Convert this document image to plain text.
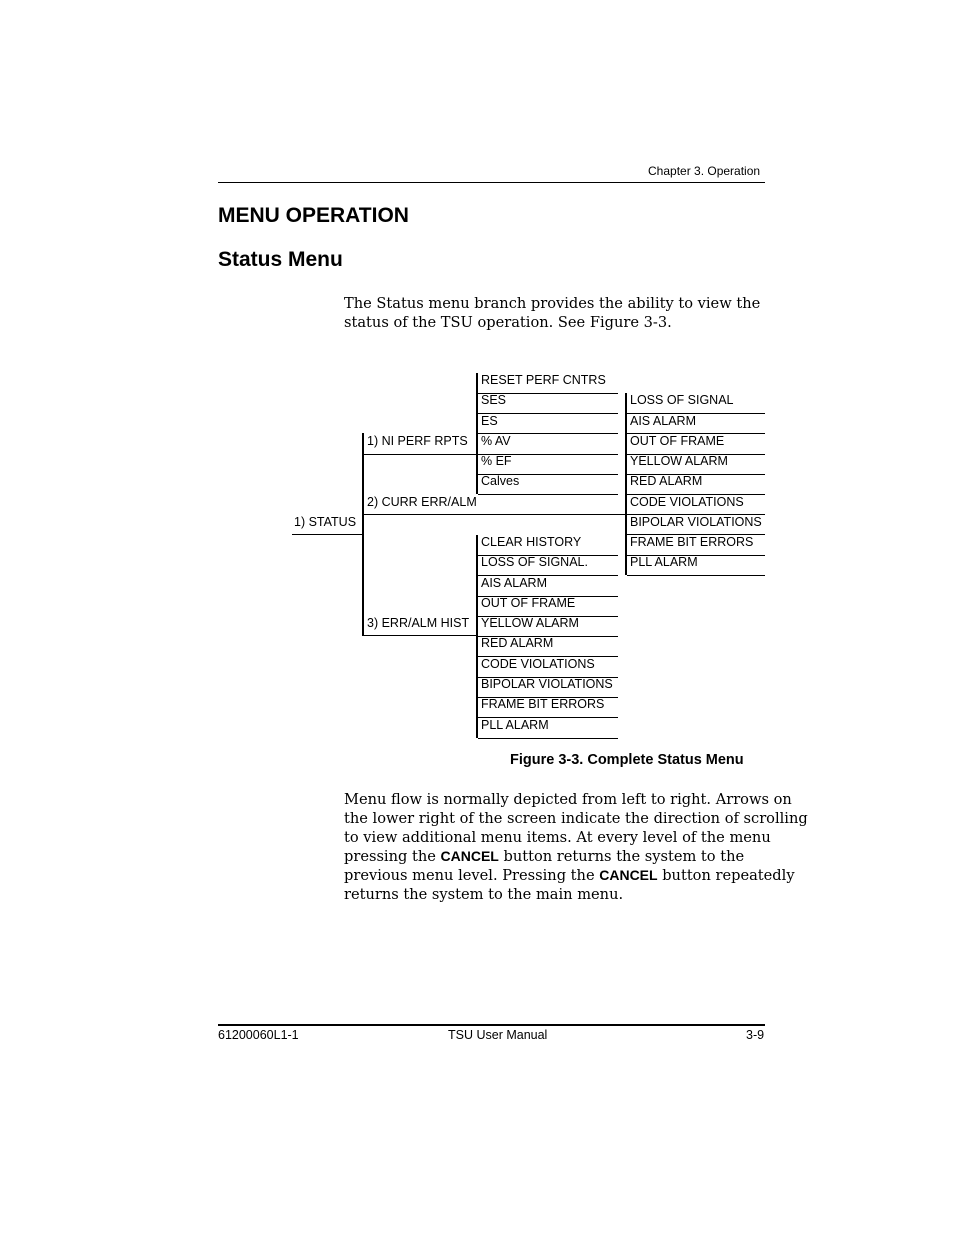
Chapter 3. Operation
MENU OPERATION
Status Menu

The Status menu branch provides the ability to view the

status of the TSU operation. See Figure 3-3.

1) STATUS
1) NI PERF RPTS
2) CURR ERR/ALM
3) ERR/ALM HIST
RESET PERF CNTRS
SES
ES
% AV
% EF
Calves
LOSS OF SIGNAL
AIS ALARM
OUT OF FRAME
YELLOW ALARM
RED ALARM
CODE VIOLATIONS
BIPOLAR VIOLATIONS
FRAME BIT ERRORS
PLL ALARM
CLEAR HISTORY
LOSS OF SIGNAL.
AIS ALARM
OUT OF FRAME
YELLOW ALARM
RED ALARM
CODE VIOLATIONS
BIPOLAR VIOLATIONS
FRAME BIT ERRORS
PLL ALARM
Figure 3-3. Complete Status Menu

Menu flow is normally depicted from left to right. Arrows on

the lower right of the screen indicate the direction of scrolling

to view additional menu items. At every level of the menu

pressing the CANCEL button returns the system to the

previous menu level. Pressing the CANCEL button repeatedly

returns the system to the main menu.

61200060L1-1	TSU User Manual	3-9
